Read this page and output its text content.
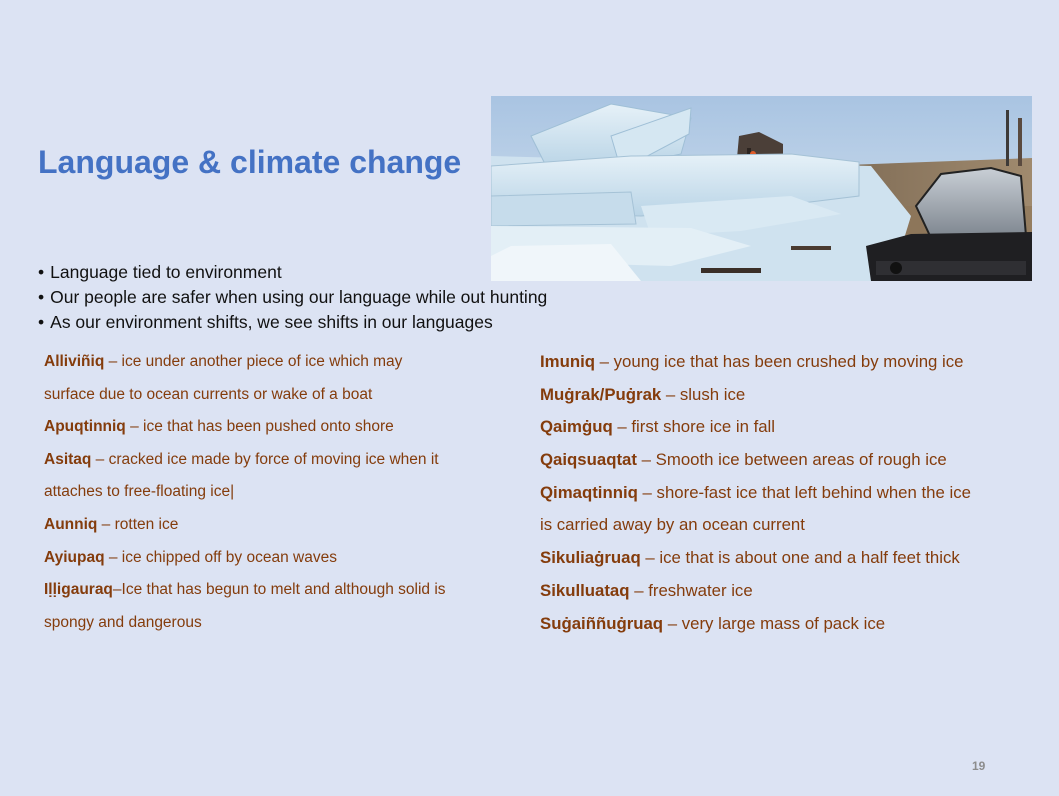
Language & climate change
• Language tied to environment
• Our people are safer when using our language while out hunting
• As our environment shifts, we see shifts in our languages

Alliviñiq – ice under another piece of ice which may

surface due to ocean currents or wake of a boat

Apuqtinniq – ice that has been pushed onto shore

Asitaq – cracked ice made by force of moving ice when it

attaches to free-floating ice|

Aunniq – rotten ice

Ayiupaq – ice chipped off by ocean waves

Iḷḷigauraq–Ice that has begun to melt and although solid is

spongy and dangerous

Imuniq – young ice that has been crushed by moving ice

Muġrak/Puġrak – slush ice

Qaimġuq – first shore ice in fall

Qaiqsuaqtat – Smooth ice between areas of rough ice

Qimaqtinniq – shore-fast ice that left behind when the ice

is carried away by an ocean current

Sikuliaġruaq – ice that is about one and a half feet thick

Sikulluataq – freshwater ice

Suġaiññuġruaq – very large mass of pack ice

19
